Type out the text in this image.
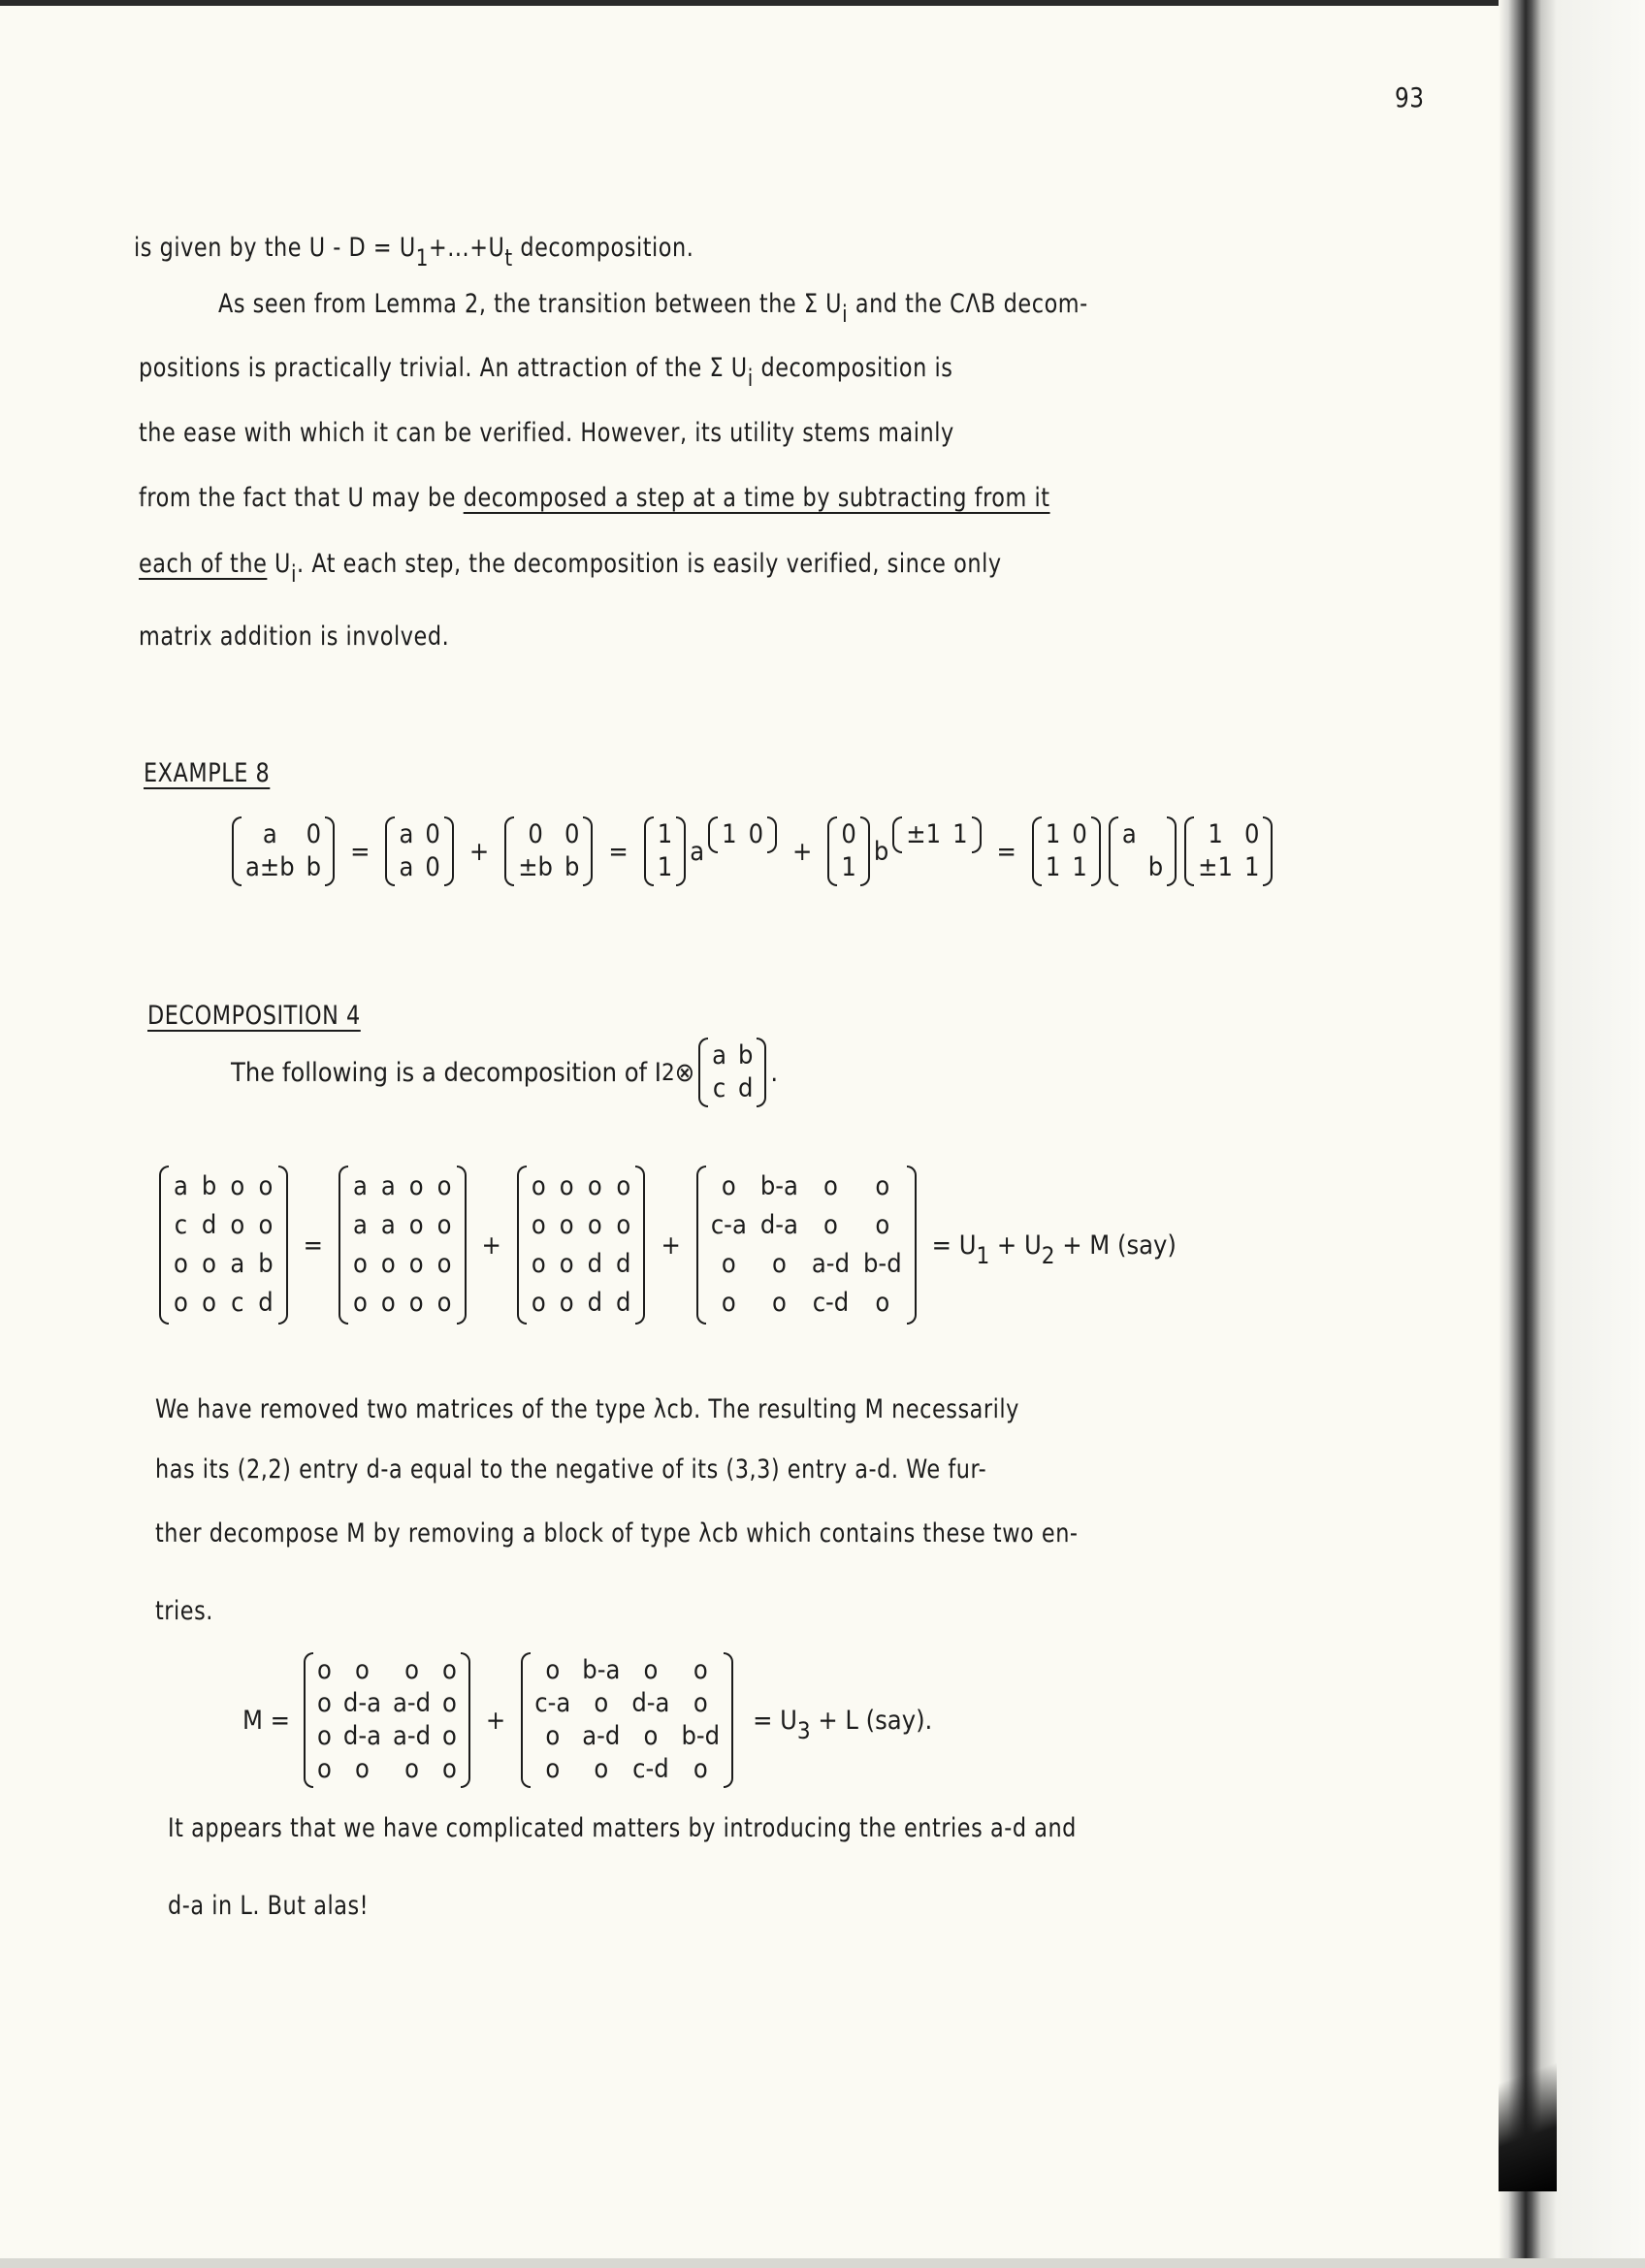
93
is given by the $U - D = U_1+...+U_t$ decomposition.
As seen from Lemma 2, the transition between the Σ $U_i$ and the CΛB decom-
positions is practically trivial. An attraction of the Σ $U_i$ decomposition is
the ease with which it can be verified. However, its utility stems mainly
from the fact that U may be decomposed a step at a time by subtracting from it
each of the $U_i$. At each step, the decomposition is easily verified, since only
matrix addition is involved.
EXAMPLE 8
a	0
a±b	b
=
a	0
a	0
+
0	0
±b	b
=
1
1
a
1	0
+
0
1
b
±1	1
=
1	0
1	1
a	
	b
1	0
±1	1
DECOMPOSITION 4
The following is a decomposition of I 2 ⊗
a	b
c	d
.
a	b	o	o
c	d	o	o
o	o	a	b
o	o	c	d
=
a	a	o	o
a	a	o	o
o	o	o	o
o	o	o	o
+
o	o	o	o
o	o	o	o
o	o	d	d
o	o	d	d
+
o	b-a	o	o
c-a	d-a	o	o
o	o	a-d	b-d
o	o	c-d	o
= $U_1 + U_2 + M$ (say)
We have removed two matrices of the type λcb. The resulting M necessarily
has its (2,2) entry d-a equal to the negative of its (3,3) entry a-d. We fur-
ther decompose M by removing a block of type λcb which contains these two en-
tries.
M =
o	o	o	o
o	d-a	a-d	o
o	d-a	a-d	o
o	o	o	o
+
o	b-a	o	o
c-a	o	d-a	o
o	a-d	o	b-d
o	o	c-d	o
= $U_3 + L$ (say).
It appears that we have complicated matters by introducing the entries a-d and
d-a in L. But alas!
